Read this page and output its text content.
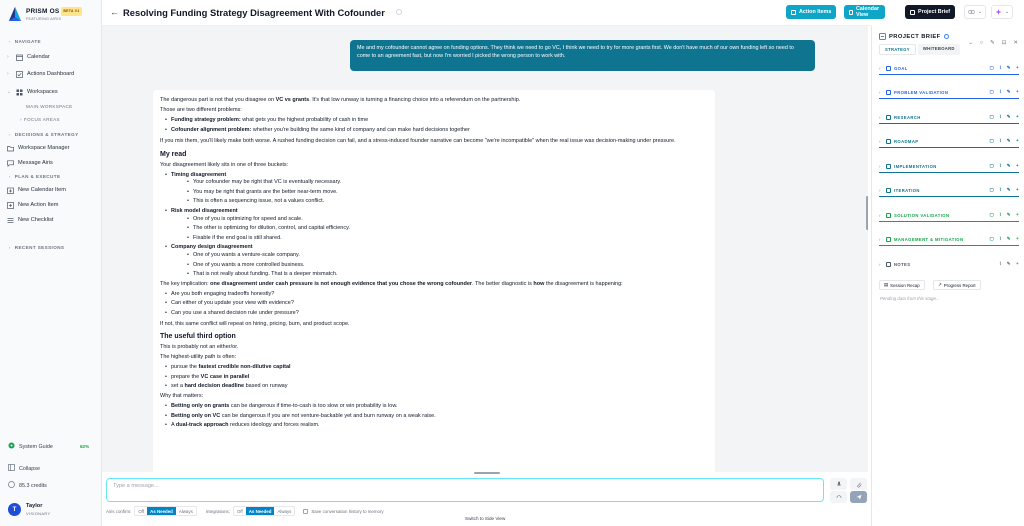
PRISM OS BETA V1
FEATURING AIRIS
‹ NAVIGATE
›	Calendar
›	Actions Dashboard
⌄	Workspaces
MAIN WORKSPACE
› FOCUS AREAS
‹ DECISIONS & STRATEGY
Workspace Manager
Message Airis
‹ PLAN & EXECUTE
New Calendar Item
New Action Item
New Checklist
‹ RECENT SESSIONS
System Guide	62%
Collapse
85.3 credits
T
Taylor
VISIONARY
← Resolving Funding Strategy Disagreement With Cofounder	Action Items	Calendar View
Me and my cofounder cannot agree on funding options. They think we need to go VC, I think we need to try for more grants first. We don't have much of our own funding left so need to come to an agreement fast, but now I'm worried I picked the wrong person to work with.

The dangerous part is not that you disagree on VC vs grants. It's that low runway is turning a financing choice into a referendum on the partnership.

Those are two different problems:

• Funding strategy problem: what gets you the highest probability of cash in time
• Cofounder alignment problem: whether you're building the same kind of company and can make hard decisions together

If you mix them, you'll likely make both worse. A rushed funding decision can fail, and a stress-induced founder narrative can become "we're incompatible" when the real issue was decision-making under pressure.

My read

Your disagreement likely sits in one of three buckets:

• Timing disagreement
• Your cofounder may be right that VC is eventually necessary.
• You may be right that grants are the better near-term move.
• This is often a sequencing issue, not a values conflict.
• Risk model disagreement
• One of you is optimizing for speed and scale.
• The other is optimizing for dilution, control, and capital efficiency.
• Fixable if the end goal is still shared.
• Company design disagreement
• One of you wants a venture-scale company.
• One of you wants a more controlled business.
• That is not really about funding. That is a deeper mismatch.

The key implication: one disagreement under cash pressure is not enough evidence that you chose the wrong cofounder. The better diagnostic is how the disagreement is happening:

• Are you both engaging tradeoffs honestly?
• Can either of you update your view with evidence?
• Can you use a shared decision rule under pressure?

If not, this same conflict will repeat on hiring, pricing, burn, and product scope.

The useful third option

This is probably not an either/or.

The highest-utility path is often:

• pursue the fastest credible non-dilutive capital
• prepare the VC case in parallel
• set a hard decision deadline based on runway

Why that matters:

• Betting only on grants can be dangerous if time-to-cash is too slow or win probability is low.
• Betting only on VC can be dangerous if you are not venture-backable yet and burn runway on a weak raise.
• A dual-track approach reduces ideology and forces realism.
Type a message...
Airis confirm:	Off	As Needed	Always	Integrations:	Off	As Needed	Always	Save conversation history to memory
Switch to Side View
Project Brief	⌄	⌄
PROJECT BRIEF
⌄ ○ ✎ ⊡ ✕
STRATEGY	WHITEBOARD
›	GOAL	▢ ⌇ ✎ +
›	PROBLEM VALIDATION	▢ ⌇ ✎ +
›	RESEARCH	▢ ⌇ ✎ +
›	ROADMAP	▢ ⌇ ✎ +
›	IMPLEMENTATION	▢ ⌇ ✎ +
›	ITERATION	▢ ⌇ ✎ +
›	SOLUTION VALIDATION	▢ ⌇ ✎ +
›	MANAGEMENT & MITIGATION	▢ ⌇ ✎ +
›	NOTES	⌇ ✎ +
▤ Session Recap	↗ Progress Report
Pending data from this stage...
